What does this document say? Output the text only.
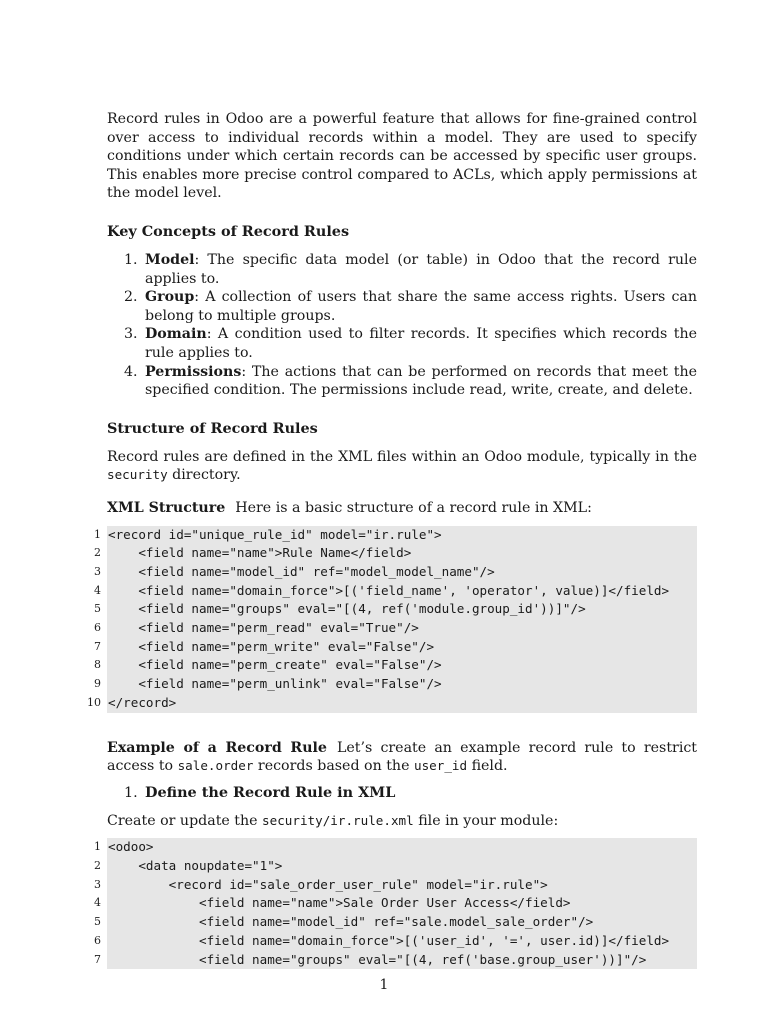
Record rules in Odoo are a powerful feature that allows for fine-grained control over access to individual records within a model. They are used to specify conditions under which certain records can be accessed by specific user groups. This enables more precise control compared to ACLs, which apply permissions at the model level.

Key Concepts of Record Rules
1. Model: The specific data model (or table) in Odoo that the record rule applies to.
2. Group: A collection of users that share the same access rights. Users can belong to multiple groups.
3. Domain: A condition used to filter records. It specifies which records the rule applies to.
4. Permissions: The actions that can be performed on records that meet the specified condition. The permissions include read, write, create, and delete.
Structure of Record Rules

Record rules are defined in the XML files within an Odoo module, typically in the security directory.

XML Structure Here is a basic structure of a record rule in XML:

1 <record id="unique_rule_id" model="ir.rule">
2 <field name="name">Rule Name</field>
3 <field name="model_id" ref="model_model_name"/>
4 <field name="domain_force">[('field_name', 'operator', value)]</field>
5 <field name="groups" eval="[(4, ref('module.group_id'))]"/>
6 <field name="perm_read" eval="True"/>
7 <field name="perm_write" eval="False"/>
8 <field name="perm_create" eval="False"/>
9 <field name="perm_unlink" eval="False"/>
10 </record>

Example of a Record Rule Let’s create an example record rule to restrict access to sale.order records based on the user_id field.

1. Define the Record Rule in XML

Create or update the security/ir.rule.xml file in your module:

1 <odoo>
2 <data noupdate="1">
3 <record id="sale_order_user_rule" model="ir.rule">
4 <field name="name">Sale Order User Access</field>
5 <field name="model_id" ref="sale.model_sale_order"/>
6 <field name="domain_force">[('user_id', '=', user.id)]</field>
7 <field name="groups" eval="[(4, ref('base.group_user'))]"/>
1
